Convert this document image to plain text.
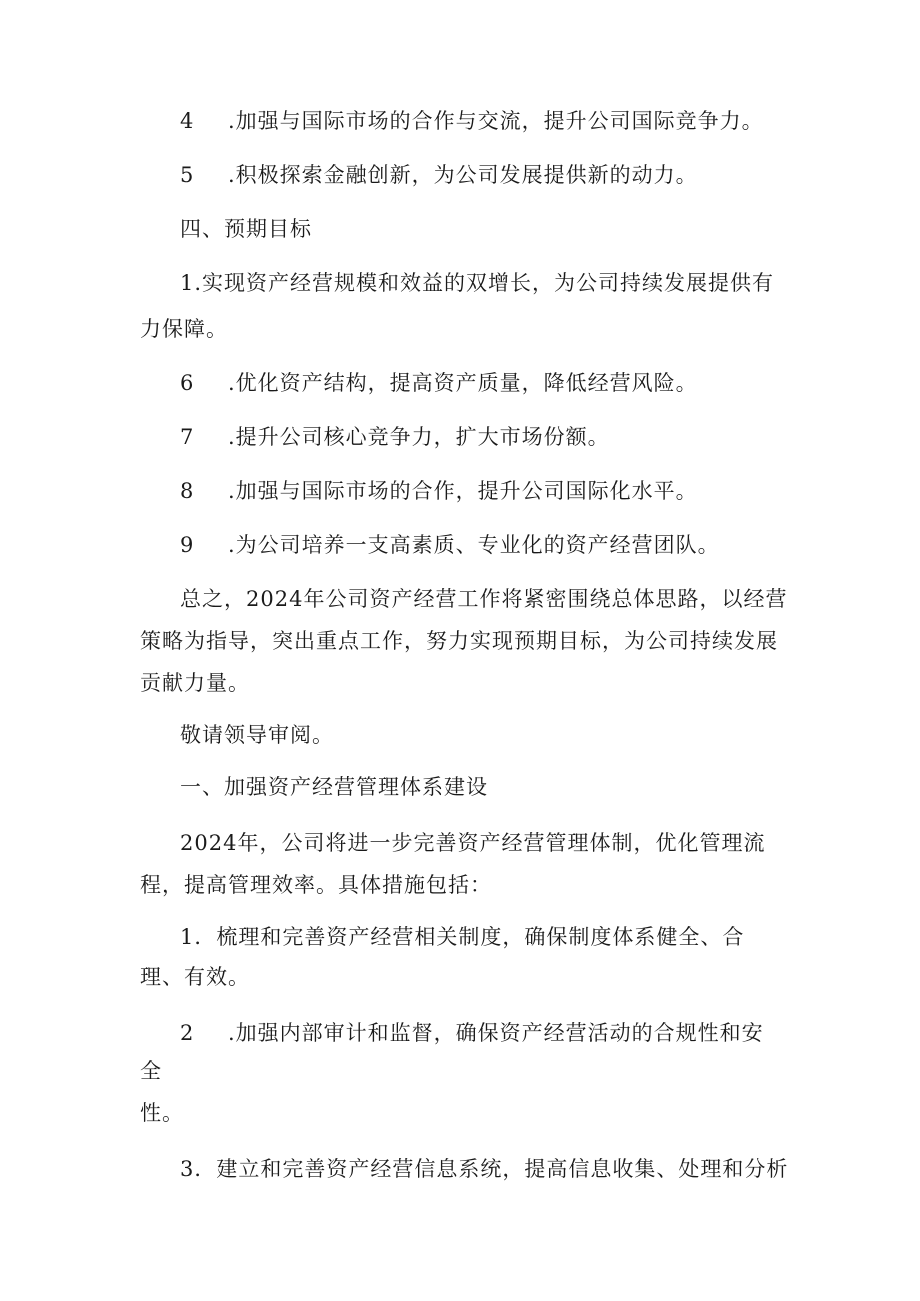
4 .加强与国际市场的合作与交流，提升公司国际竞争力。
5 .积极探索金融创新，为公司发展提供新的动力。
四、预期目标
1.实现资产经营规模和效益的双增长，为公司持续发展提供有
力保障。
6 .优化资产结构，提高资产质量，降低经营风险。
7 .提升公司核心竞争力，扩大市场份额。
8 .加强与国际市场的合作，提升公司国际化水平。
9 .为公司培养一支高素质、专业化的资产经营团队。
总之，2024年公司资产经营工作将紧密围绕总体思路，以经营
策略为指导，突出重点工作，努力实现预期目标，为公司持续发展
贡献力量。
敬请领导审阅。
一、加强资产经营管理体系建设
2024年，公司将进一步完善资产经营管理体制，优化管理流
程，提高管理效率。具体措施包括：
1．梳理和完善资产经营相关制度，确保制度体系健全、合
理、有效。
2 .加强内部审计和监督，确保资产经营活动的合规性和安
全
性。
3．建立和完善资产经营信息系统，提高信息收集、处理和分析
